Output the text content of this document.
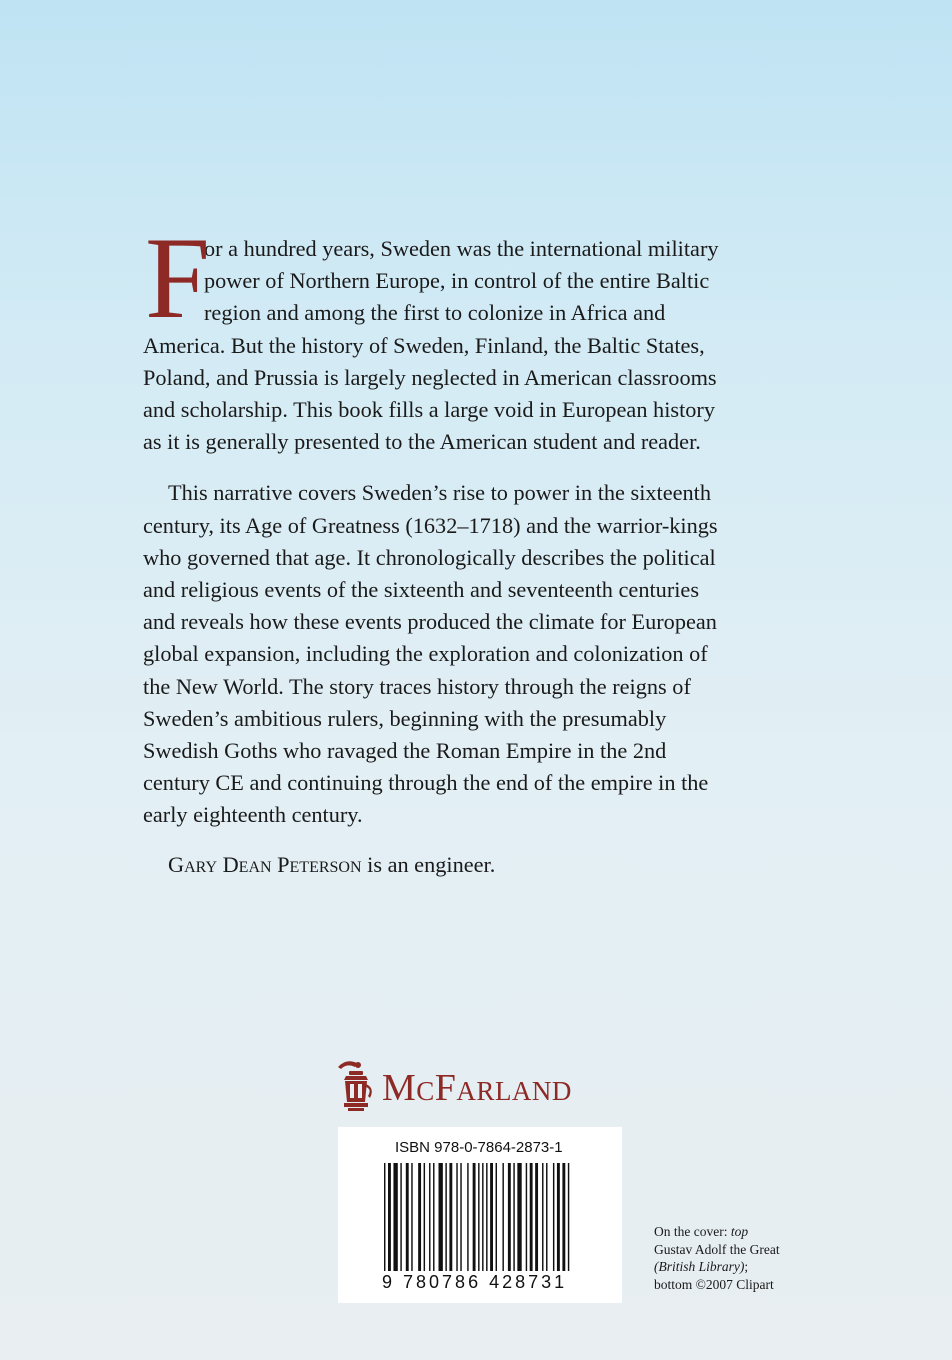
F
or a hundred years, Sweden was the international military
power of Northern Europe, in control of the entire Baltic
region and among the first to colonize in Africa and
America. But the history of Sweden, Finland, the Baltic States,
Poland, and Prussia is largely neglected in American classrooms
and scholarship. This book fills a large void in European history
as it is generally presented to the American student and reader.
This narrative covers Sweden’s rise to power in the sixteenth
century, its Age of Greatness (1632–1718) and the warrior-kings
who governed that age. It chronologically describes the political
and religious events of the sixteenth and seventeenth centuries
and reveals how these events produced the climate for European
global expansion, including the exploration and colonization of
the New World. The story traces history through the reigns of
Sweden’s ambitious rulers, beginning with the presumably
Swedish Goths who ravaged the Roman Empire in the 2nd
century CE and continuing through the end of the empire in the
early eighteenth century.
Gary Dean Peterson is an engineer.
McFarland
ISBN 978-0-7864-2873-1
9 780786 428731
On the cover: top
Gustav Adolf the Great
(British Library);
bottom ©2007 Clipart
